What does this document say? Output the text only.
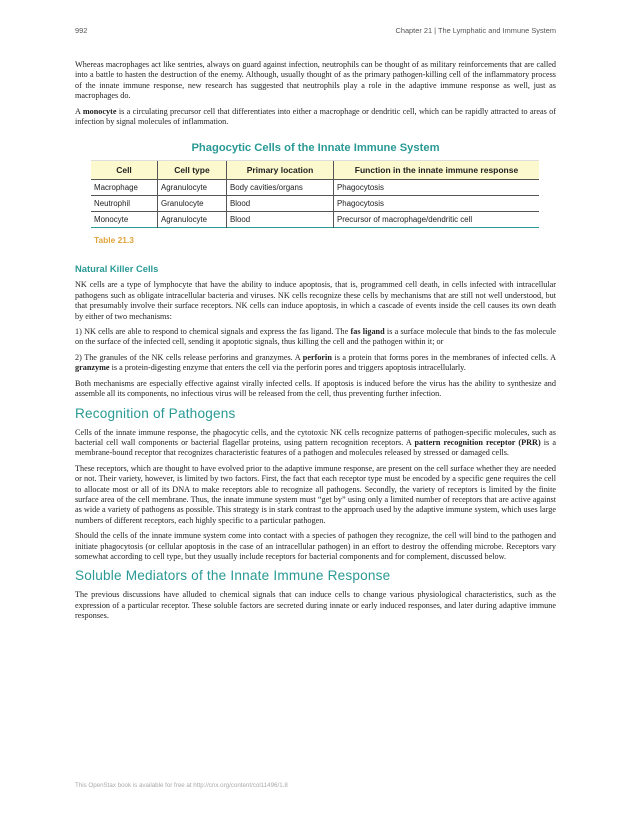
992	Chapter 21 | The Lymphatic and Immune System

Whereas macrophages act like sentries, always on guard against infection, neutrophils can be thought of as military reinforcements that are called into a battle to hasten the destruction of the enemy. Although, usually thought of as the primary pathogen-killing cell of the inflammatory process of the innate immune response, new research has suggested that neutrophils play a role in the adaptive immune response as well, just as macrophages do.

A monocyte is a circulating precursor cell that differentiates into either a macrophage or dendritic cell, which can be rapidly attracted to areas of infection by signal molecules of inflammation.

Phagocytic Cells of the Innate Immune System
Cell	Cell type	Primary location	Function in the innate immune response
Macrophage	Agranulocyte	Body cavities/organs	Phagocytosis
Neutrophil	Granulocyte	Blood	Phagocytosis
Monocyte	Agranulocyte	Blood	Precursor of macrophage/dendritic cell
Table 21.3
Natural Killer Cells

NK cells are a type of lymphocyte that have the ability to induce apoptosis, that is, programmed cell death, in cells infected with intracellular pathogens such as obligate intracellular bacteria and viruses. NK cells recognize these cells by mechanisms that are still not well understood, but that presumably involve their surface receptors. NK cells can induce apoptosis, in which a cascade of events inside the cell causes its own death by either of two mechanisms:

1) NK cells are able to respond to chemical signals and express the fas ligand. The fas ligand is a surface molecule that binds to the fas molecule on the surface of the infected cell, sending it apoptotic signals, thus killing the cell and the pathogen within it; or

2) The granules of the NK cells release perforins and granzymes. A perforin is a protein that forms pores in the membranes of infected cells. A granzyme is a protein-digesting enzyme that enters the cell via the perforin pores and triggers apoptosis intracellularly.

Both mechanisms are especially effective against virally infected cells. If apoptosis is induced before the virus has the ability to synthesize and assemble all its components, no infectious virus will be released from the cell, thus preventing further infection.

Recognition of Pathogens

Cells of the innate immune response, the phagocytic cells, and the cytotoxic NK cells recognize patterns of pathogen-specific molecules, such as bacterial cell wall components or bacterial flagellar proteins, using pattern recognition receptors. A pattern recognition receptor (PRR) is a membrane-bound receptor that recognizes characteristic features of a pathogen and molecules released by stressed or damaged cells.

These receptors, which are thought to have evolved prior to the adaptive immune response, are present on the cell surface whether they are needed or not. Their variety, however, is limited by two factors. First, the fact that each receptor type must be encoded by a specific gene requires the cell to allocate most or all of its DNA to make receptors able to recognize all pathogens. Secondly, the variety of receptors is limited by the finite surface area of the cell membrane. Thus, the innate immune system must “get by” using only a limited number of receptors that are active against as wide a variety of pathogens as possible. This strategy is in stark contrast to the approach used by the adaptive immune system, which uses large numbers of different receptors, each highly specific to a particular pathogen.

Should the cells of the innate immune system come into contact with a species of pathogen they recognize, the cell will bind to the pathogen and initiate phagocytosis (or cellular apoptosis in the case of an intracellular pathogen) in an effort to destroy the offending microbe. Receptors vary somewhat according to cell type, but they usually include receptors for bacterial components and for complement, discussed below.

Soluble Mediators of the Innate Immune Response

The previous discussions have alluded to chemical signals that can induce cells to change various physiological characteristics, such as the expression of a particular receptor. These soluble factors are secreted during innate or early induced responses, and later during adaptive immune responses.

This OpenStax book is available for free at http://cnx.org/content/col11496/1.8
